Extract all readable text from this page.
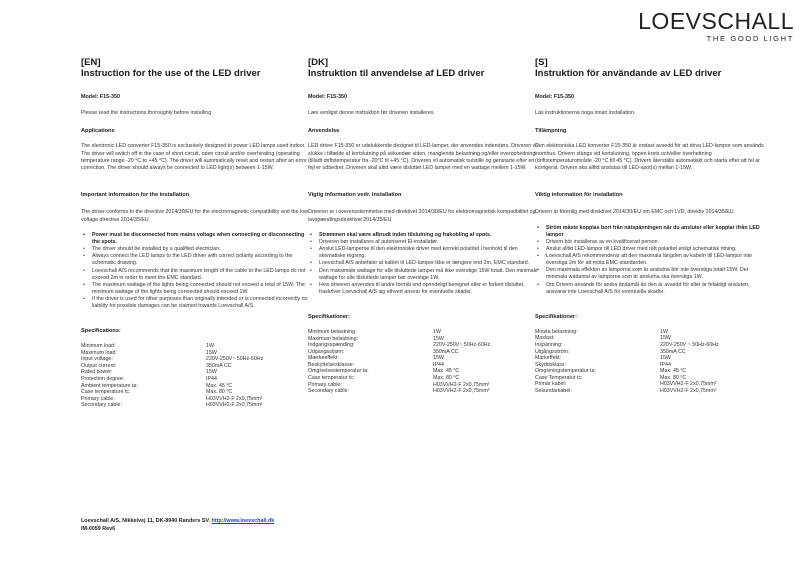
LOEVSCHALL
THE GOOD LIGHT
[EN]
Instruction for the use of the LED driver
Model: F15-350
Please read the instructions thoroughly before installing.
Applications
The electronic LED converter F15-350 is exclusively designed to power LED lamps used indoor. The driver will switch off in the case of short circuit, open circuit and/or overheating (operating temperature range -20 °C to +45 °C). The driver will automatically reset and restart after an error correction. The driver should always be connected to LED light(s) between 1-15W.
Important information for the installation
The driver conforms to the directive 2014/30/EU for the electromagnetic compatibility and the low voltage directive 2014/35/EU
• Power must be disconnected from mains voltage when connecting or disconnecting the spots.
• The driver should be installed by a qualified electrician.
• Always connect the LED lamps to the LED driver with correct polarity according to the schematic drawing.
• Loevschall A/S recommends that the maximum length of the cable to the LED lamps do not exceed 2m in order to meet the EMC standard.
• The maximum wattage of the lights being connected should not exceed a total of 15W. The minimum wattage of the lights being connected should exceed 1W.
• If the driver is used for other purposes than originally intended or is connected incorrectly no liability for possible damages can be claimed towards Loevschall A/S.
Specifications:
Minimum load:	1W
Maximum load:	15W
Input voltage:	220V-250V~ 50Hz-60Hz
Output current:	350mA CC
Rated power:	15W
Protection degree:	IP44
Ambient temperature ta:	Max. 45 °C
Case temperature tc:	Max. 80 °C
Primary cable:	H03VVH2-F 2x0,75mm²
Secondary cable:	H03VVH2-F 2x0,75mm²
[DK]
Instruktion til anvendelse af LED driver
Model: F15-350
Læs venligst denne instruktion før driveren installeres.
Anvendelse
LED driver F15-350 er udelukkende designet til LED-lamper, der anvendes indendørs. Driveren vil slukke i tilfælde af kortslutning på sekundær siden, manglende belastning og/eller overophedning (tilladt driftstemperatur fra -20°C til +45 °C). Driveren vil automatisk nulstille og genstarte efter en fejl er udbedret. Driveren skal altid være tilsluttet LED lamper med en wattage mellem 1-15W.
Vigtig information vedr. installation
Driveren er i overensstemmelse med direktivet 2014/30/EU for elektromagnetisk kompatibilitet og lavspændingsdirektivet 2014/35/EU
• Strømmen skal være afbrudt inden tilslutning og frakobling af spots.
• Driveren bør installeres af autoriseret El-installatør.
• Anslut LED-lamperne til den elektroniske driver med korrekt polaritet i henhold til den skematiske tegning.
• Loevschall A/S anbefaler at kablet til LED-lamper ikke er længere end 2m. EMC standard.
• Den maksimale wattage for alle tilsluttede lamper må ikke overstige 15W totalt. Den minimale wattage for alle tilsluttede lamper bør overstige 1W.
• Hvis driveren anvendes til andre formål end oprindeligt beregnet eller er forkert tilsluttet, fraskriver Loevschall A/S sig ethvert ansvar for eventuelle skader.
Specifikationer:
Minimum belastning:	1W
Maximum belastning:	15W
Indgangsspænding:	220V-250V~ 50Hz-60Hz
Udgangsstrøm:	350mA CC
Mærkeeffekt:	15W
Beskyttelsesklasse:	IP44
Omgivelsestemperatur ta:	Max. 45 °C
Case temperatur tc:	Max. 80 °C
Primary cable:	H03VVH2-F 2x0,75mm²
Secondary cable:	H03VVH2-F 2x0,75mm²
[S]
Instruktion för användande av LED driver
Model: F15-350
Läs instruktionerna noga innan installation.
Tillämpning
Den elektroniska LED konverter F15-350 är endast avsedd för att driva LED-lampor som används inomhus. Drivern stängs vid kortslutning, öppen krets och/eller överhettning (driftstemperaturområde -20 °C till 45 °C). Drivern återställs automatiskt och starta efter att fel är korrigerat. Drivern ska alltid anslutas till LED-spot(s) mellan 1-15W.
Viktig information för installation
Drivern är förenlig med direktivet 2014/30/EU om EMC och LVD, direktiv 2014/35/EU.
• Ström måste kopplas bort från nätspänningen när du ansluter eller kopplar ifrån LED lampor
• Drivern bör installeras av en kvalificerad person.
• Anslut alltid LED-lampor till LED driver med rätt polaritet enligt schematisk ritning.
• Loevschall A/S rekommenderar att den maximala längden av kabeln till LED-lampor inte överstiga 2m för att möta EMC-standarden.
• Den maximala effekten av lamporna som är anslutna bör inte överstiga totalt 15W. Det minimala wattantal av lamporna som är anslutna ska överstiga 1W.
• Om Drivern används för andra ändamål än den är avsedd för eller är felaktigt ansluten, ansvarar inte Loevschall A/S för eventuella skador.
Specifikationer:
Minsta belastning:	1W
Maxlast:	15W
Inspänning:	220V-250V ~ 50Hz-60Hz
Utgångsström:	350mA CC
Märkeffekt:	15W
Skyddsklass:	IP44
Omgivningstemperatur ta:	Max. 45 °C
Case Temperatur tc:	Max. 80 °C
Primär kabel:	H03VVH2-F 2x0,75mm²
Sekundärkabel:	H03VVH2-F 2x0,75mm²
Loevschall A/S, Nikkelvej 11, DK-8940 Randers SV. http://www.loevschall.dk
IM-0059 Rev6
